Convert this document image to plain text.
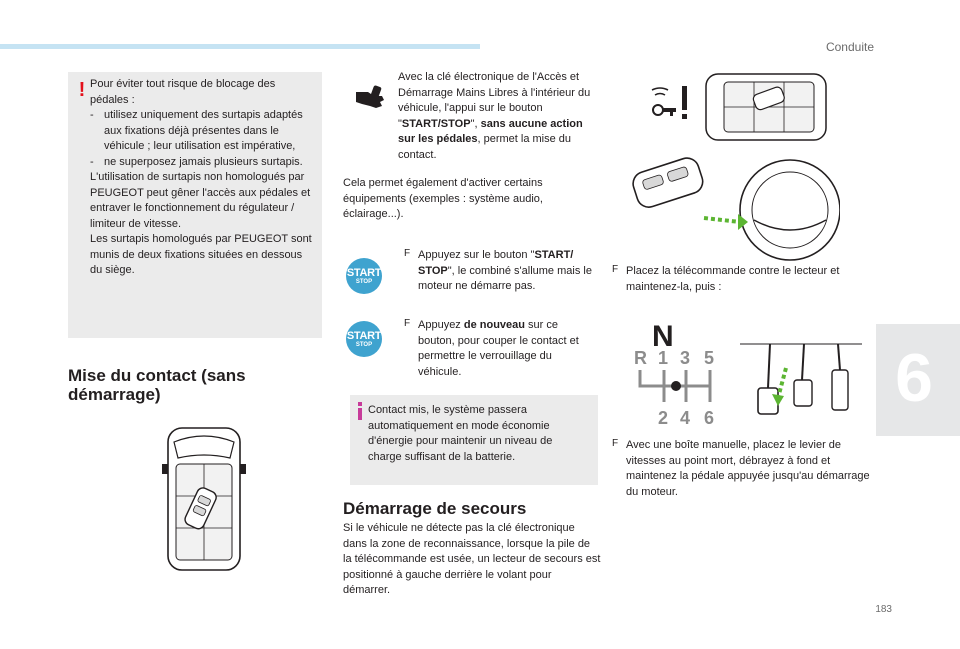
Conduite
6
183
! Pour éviter tout risque de blocage des pédales :

- utilisez uniquement des surtapis adaptés aux fixations déjà présentes dans le véhicule ; leur utilisation est impérative,
- ne superposez jamais plusieurs surtapis.

L'utilisation de surtapis non homologués par PEUGEOT peut gêner l'accès aux pédales et entraver le fonctionnement du régulateur / limiteur de vitesse.

Les surtapis homologués par PEUGEOT sont munis de deux fixations situées en dessous du siège.

Mise du contact (sans démarrage)

Avec la clé électronique de l'Accès et Démarrage Mains Libres à l'intérieur du véhicule, l'appui sur le bouton "START/STOP", sans aucune action sur les pédales, permet la mise du contact.

Cela permet également d'activer certains équipements (exemples : système audio, éclairage...).

START
STOP
START
STOP
F Appuyez sur le bouton "START/ STOP", le combiné s'allume mais le moteur ne démarre pas.

F Appuyez de nouveau sur ce bouton, pour couper le contact et permettre le verrouillage du véhicule.

Contact mis, le système passera automatiquement en mode économie d'énergie pour maintenir un niveau de charge suffisant de la batterie.

Démarrage de secours

Si le véhicule ne détecte pas la clé électronique dans la zone de reconnaissance, lorsque la pile de la télécommande est usée, un lecteur de secours est positionné à gauche derrière le volant pour démarrer.

F Placez la télécommande contre le lecteur et maintenez-la, puis :

N
R 1 3 5
2 4 6
F Avec une boîte manuelle, placez le levier de vitesses au point mort, débrayez à fond et maintenez la pédale appuyée jusqu'au démarrage du moteur.
